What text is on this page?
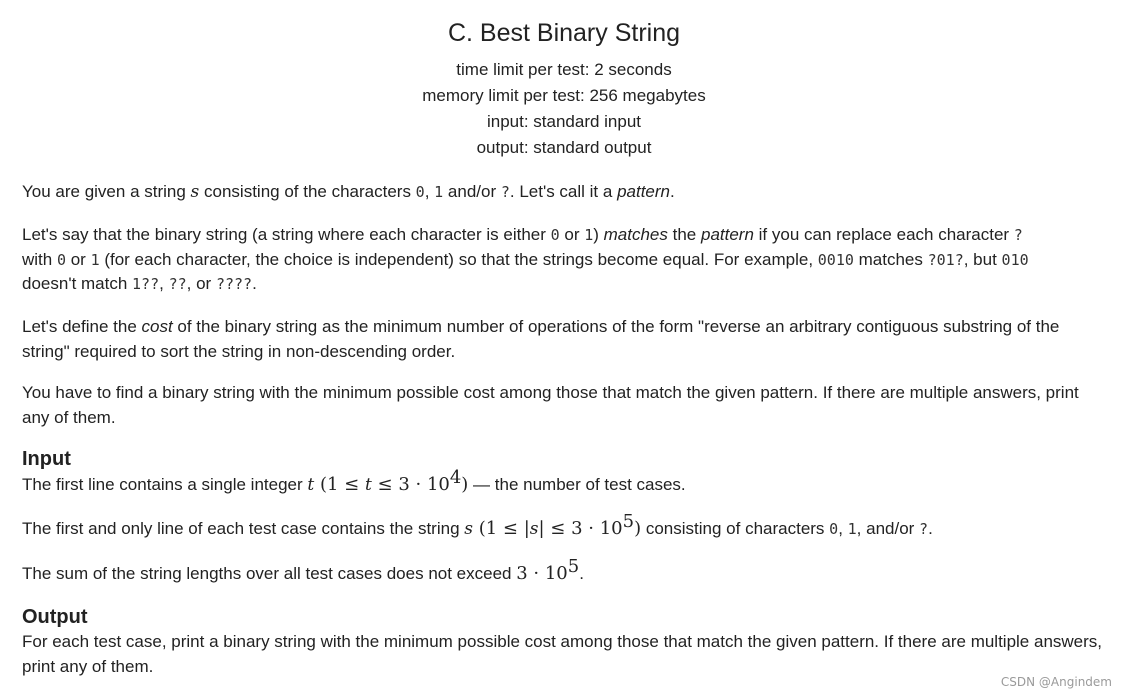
C. Best Binary String
time limit per test: 2 seconds
memory limit per test: 256 megabytes
input: standard input
output: standard output

You are given a string s consisting of the characters 0, 1 and/or ?. Let's call it a pattern.

Let's say that the binary string (a string where each character is either 0 or 1) matches the pattern if you can replace each character ?
with 0 or 1 (for each character, the choice is independent) so that the strings become equal. For example, 0010 matches ?01?, but 010
doesn't match 1??, ??, or ????.

Let's define the cost of the binary string as the minimum number of operations of the form "reverse an arbitrary contiguous substring of the string" required to sort the string in non-descending order.

You have to find a binary string with the minimum possible cost among those that match the given pattern. If there are multiple answers, print any of them.

Input

The first line contains a single integer t $(1 \le t \le 3 \cdot 10^4)$ — the number of test cases.

The first and only line of each test case contains the string s $(1 \le |s| \le 3 \cdot 10^5)$ consisting of characters 0, 1, and/or ?.

The sum of the string lengths over all test cases does not exceed $3 \cdot 10^5$.

Output

For each test case, print a binary string with the minimum possible cost among those that match the given pattern. If there are multiple answers, print any of them.

CSDN @Angindem
